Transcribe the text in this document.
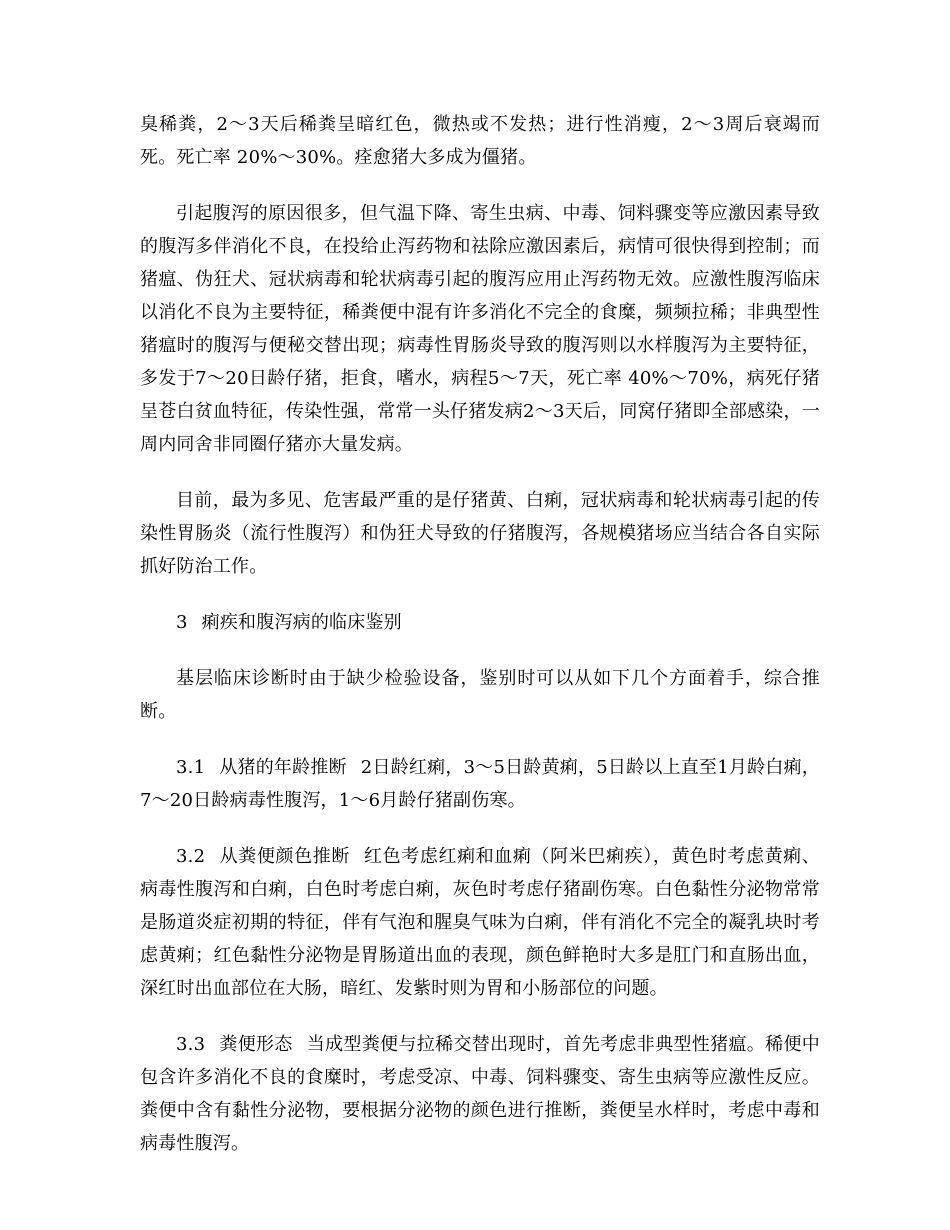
臭稀粪，2～3天后稀粪呈暗红色，微热或不发热；进行性消瘦，2～3周后衰竭而死。死亡率 20%～30%。痊愈猪大多成为僵猪。

引起腹泻的原因很多，但气温下降、寄生虫病、中毒、饲料骤变等应激因素导致的腹泻多伴消化不良，在投给止泻药物和祛除应激因素后，病情可很快得到控制；而猪瘟、伪狂犬、冠状病毒和轮状病毒引起的腹泻应用止泻药物无效。应激性腹泻临床以消化不良为主要特征，稀粪便中混有许多消化不完全的食糜，频频拉稀；非典型性猪瘟时的腹泻与便秘交替出现；病毒性胃肠炎导致的腹泻则以水样腹泻为主要特征，多发于7～20日龄仔猪，拒食，嗜水，病程5～7天，死亡率 40%～70%，病死仔猪呈苍白贫血特征，传染性强，常常一头仔猪发病2～3天后，同窝仔猪即全部感染，一周内同舍非同圈仔猪亦大量发病。

目前，最为多见、危害最严重的是仔猪黄、白痢，冠状病毒和轮状病毒引起的传染性胃肠炎（流行性腹泻）和伪狂犬导致的仔猪腹泻，各规模猪场应当结合各自实际抓好防治工作。

3 痢疾和腹泻病的临床鉴别

基层临床诊断时由于缺少检验设备，鉴别时可以从如下几个方面着手，综合推断。

3.1 从猪的年龄推断 2日龄红痢，3～5日龄黄痢，5日龄以上直至1月龄白痢，7～20日龄病毒性腹泻，1～6月龄仔猪副伤寒。

3.2 从粪便颜色推断 红色考虑红痢和血痢（阿米巴痢疾），黄色时考虑黄痢、病毒性腹泻和白痢，白色时考虑白痢，灰色时考虑仔猪副伤寒。白色黏性分泌物常常是肠道炎症初期的特征，伴有气泡和腥臭气味为白痢，伴有消化不完全的凝乳块时考虑黄痢；红色黏性分泌物是胃肠道出血的表现，颜色鲜艳时大多是肛门和直肠出血，深红时出血部位在大肠，暗红、发紫时则为胃和小肠部位的问题。

3.3 粪便形态 当成型粪便与拉稀交替出现时，首先考虑非典型性猪瘟。稀便中包含许多消化不良的食糜时，考虑受凉、中毒、饲料骤变、寄生虫病等应激性反应。粪便中含有黏性分泌物，要根据分泌物的颜色进行推断，粪便呈水样时，考虑中毒和病毒性腹泻。
